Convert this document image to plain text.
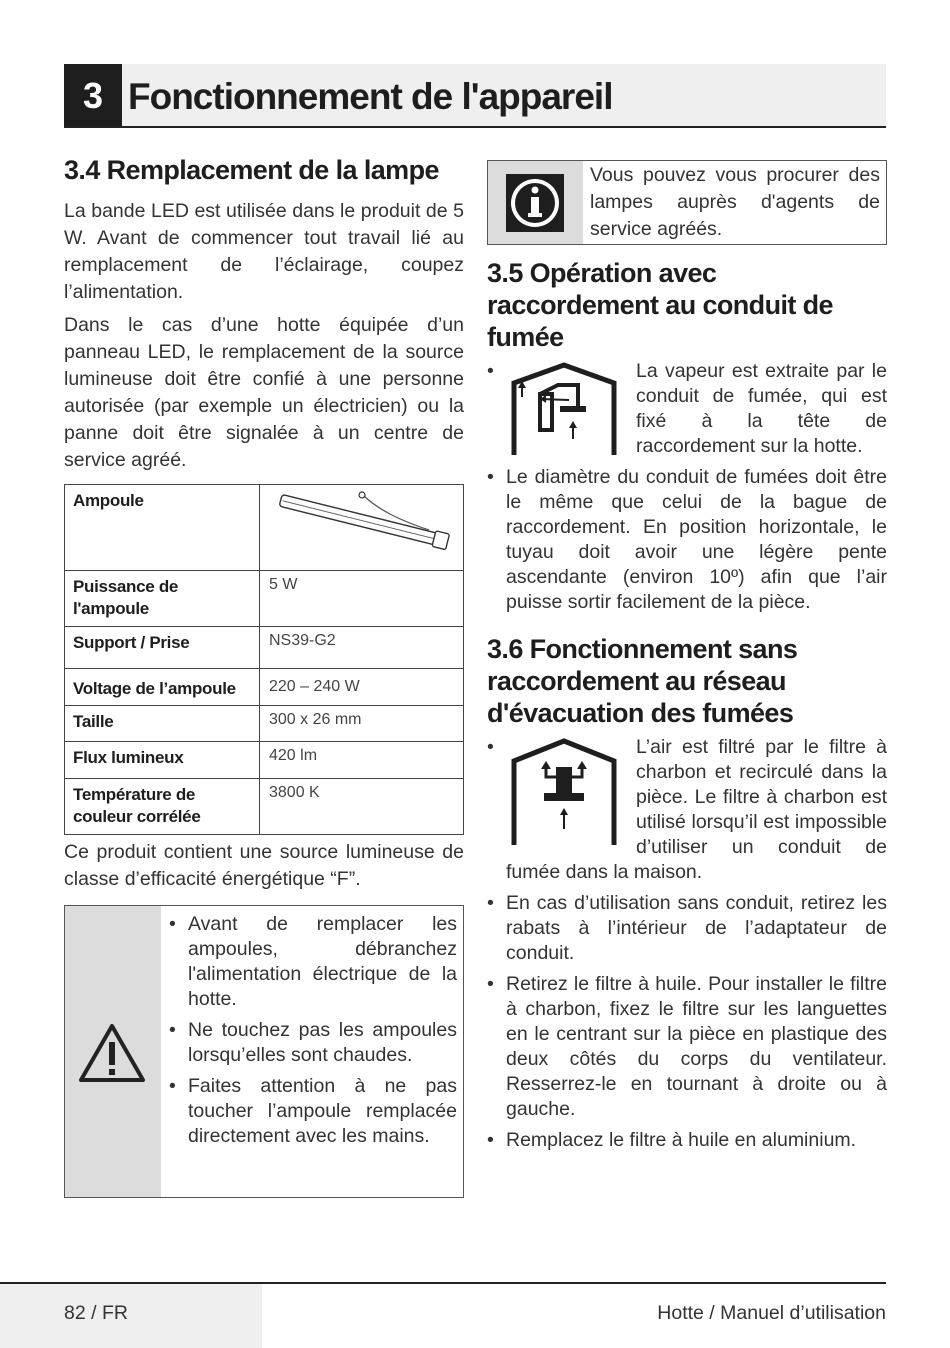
3 Fonctionnement de l'appareil
3.4 Remplacement de la lampe

La bande LED est utilisée dans le produit de 5 W. Avant de commencer tout travail lié au remplacement de l’éclairage, coupez l’alimentation.

Dans le cas d’une hotte équipée d’un panneau LED, le remplacement de la source lumineuse doit être confié à une personne autorisée (par exemple un électricien) ou la panne doit être signalée à un centre de service agréé.

Ampoule	
Puissance de l'ampoule	5 W
Support / Prise	NS39-G2
Voltage de l’ampoule	220 – 240 W
Taille	300 x 26 mm
Flux lumineux	420 lm
Température de couleur corrélée	3800 K

Ce produit contient une source lumineuse de classe d’efficacité énergétique “F”.

• Avant de remplacer les ampoules, débranchez l'alimentation électrique de la hotte.
• Ne touchez pas les ampoules lorsqu’elles sont chaudes.
• Faites attention à ne pas toucher l’ampoule remplacée directement avec les mains.
Vous pouvez vous procurer des lampes auprès d'agents de service agréés.
3.5 Opération avec raccordement au conduit de fumée
• La vapeur est extraite par le conduit de fumée, qui est fixé à la tête de raccordement sur la hotte.
• Le diamètre du conduit de fumées doit être le même que celui de la bague de raccordement. En position horizontale, le tuyau doit avoir une légère pente ascendante (environ 10º) afin que l’air puisse sortir facilement de la pièce.
3.6 Fonctionnement sans raccordement au réseau d'évacuation des fumées
• L’air est filtré par le filtre à charbon et recirculé dans la pièce. Le filtre à charbon est utilisé lorsqu’il est impossible d’utiliser un conduit de fumée dans la maison.
• En cas d’utilisation sans conduit, retirez les rabats à l’intérieur de l’adaptateur de conduit.
• Retirez le filtre à huile. Pour installer le filtre à charbon, fixez le filtre sur les languettes en le centrant sur la pièce en plastique des deux côtés du corps du ventilateur. Resserrez-le en tournant à droite ou à gauche.
• Remplacez le filtre à huile en aluminium.
82 / FR	Hotte / Manuel d’utilisation
